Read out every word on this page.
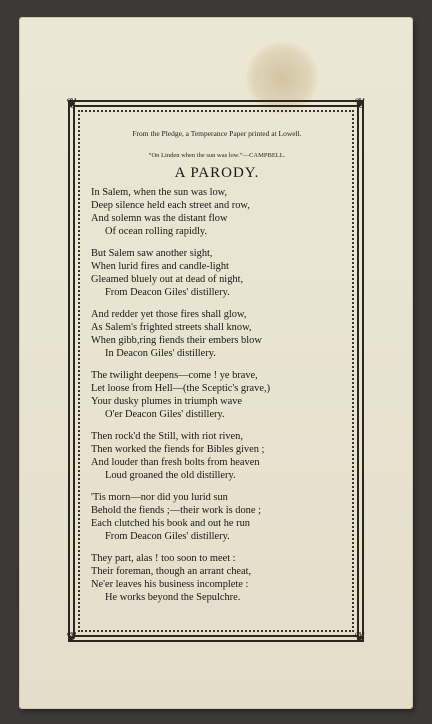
❦ ❦
❦
From the Pledge, a Temperance Paper printed at Lowell.
“On Linden when the sun was low.”—CAMPBELL.
A PARODY.
In Salem, when the sun was low,
Deep silence held each street and row,
And solemn was the distant flow
Of ocean rolling rapidly.
But Salem saw another sight,
When lurid fires and candle-light
Gleamed bluely out at dead of night,
From Deacon Giles' distillery.
And redder yet those fires shall glow,
As Salem's frighted streets shall know,
When gibb,ring fiends their embers blow
In Deacon Giles' distillery.
The twilight deepens—come ! ye brave,
Let loose from Hell—(the Sceptic's grave,)
Your dusky plumes in triumph wave
O'er Deacon Giles' distillery.
Then rock'd the Still, with riot riven,
Then worked the fiends for Bibles given ;
And louder than fresh bolts from heaven
Loud groaned the old distillery.
'Tis morn—nor did you lurid sun
Behold the fiends ;—their work is done ;
Each clutched his book and out he run
From Deacon Giles' distillery.
They part, alas ! too soon to meet :
Their foreman, though an arrant cheat,
Ne'er leaves his business incomplete :
He works beyond the Sepulchre.
❦
